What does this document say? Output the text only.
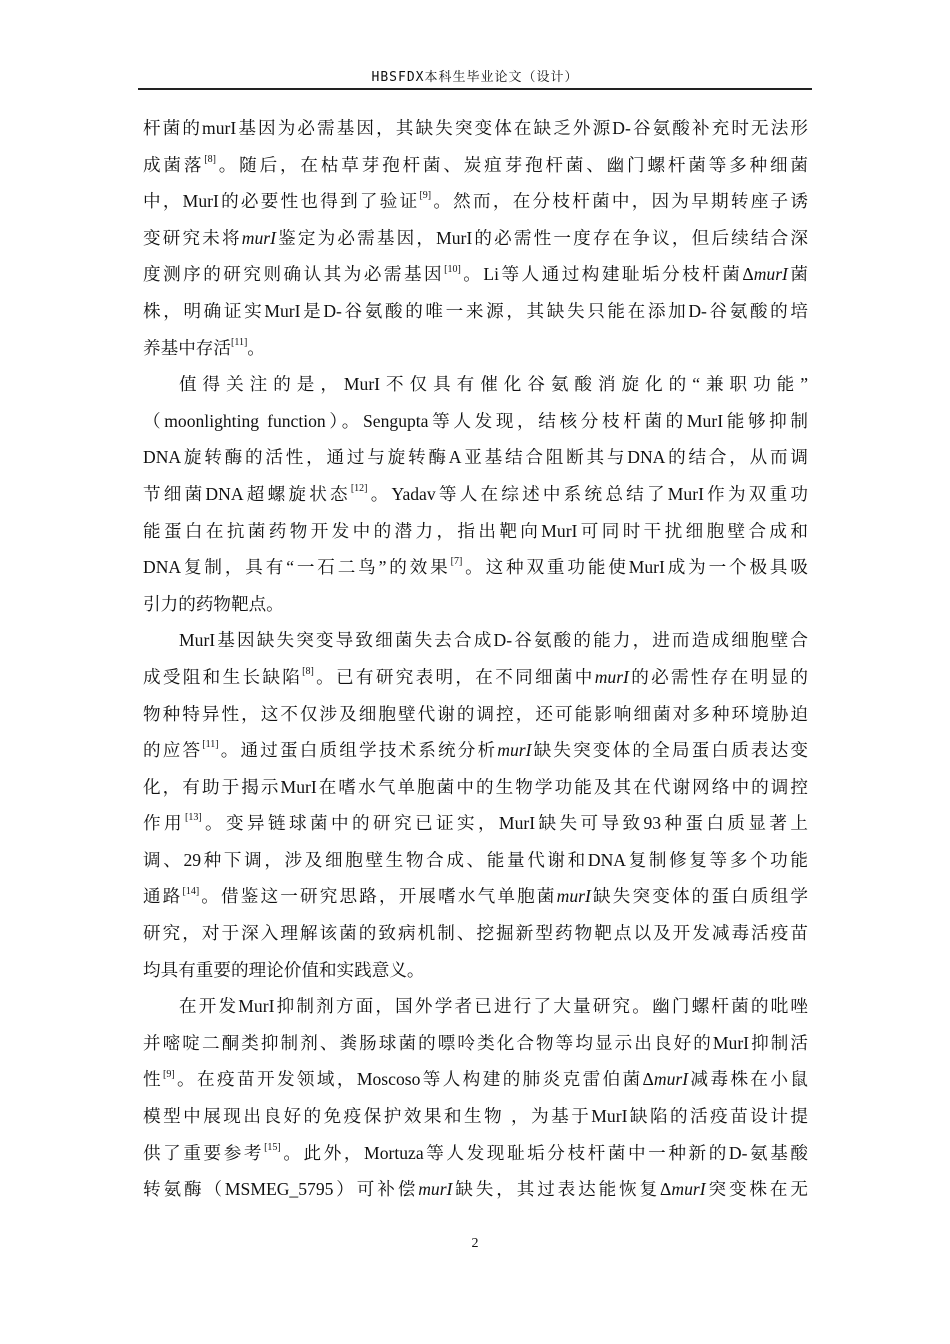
HBSFDX本科生毕业论文（设计）
杆菌的murI基因为必需基因，其缺失突变体在缺乏外源D-谷氨酸补充时无法形
成菌落[8]。随后，在枯草芽孢杆菌、炭疽芽孢杆菌、幽门螺杆菌等多种细菌
中，MurI的必要性也得到了验证[9]。然而，在分枝杆菌中，因为早期转座子诱
变研究未将murI鉴定为必需基因，MurI的必需性一度存在争议，但后续结合深
度测序的研究则确认其为必需基因[10]。Li等人通过构建耻垢分枝杆菌ΔmurI菌
株，明确证实MurI是D-谷氨酸的唯一来源，其缺失只能在添加D-谷氨酸的培
养基中存活[11]。
值得关注的是，MurI不仅具有催化谷氨酸消旋化的“兼职功能”
（moonlighting function）。Sengupta等人发现，结核分枝杆菌的MurI能够抑制
DNA旋转酶的活性，通过与旋转酶A亚基结合阻断其与DNA的结合，从而调
节细菌DNA超螺旋状态[12]。Yadav等人在综述中系统总结了MurI作为双重功
能蛋白在抗菌药物开发中的潜力，指出靶向MurI可同时干扰细胞壁合成和
DNA复制，具有“一石二鸟”的效果[7]。这种双重功能使MurI成为一个极具吸
引力的药物靶点。
MurI基因缺失突变导致细菌失去合成D-谷氨酸的能力，进而造成细胞壁合
成受阻和生长缺陷[8]。已有研究表明，在不同细菌中murI的必需性存在明显的
物种特异性，这不仅涉及细胞壁代谢的调控，还可能影响细菌对多种环境胁迫
的应答[11]。通过蛋白质组学技术系统分析murI缺失突变体的全局蛋白质表达变
化，有助于揭示MurI在嗜水气单胞菌中的生物学功能及其在代谢网络中的调控
作用[13]。变异链球菌中的研究已证实，MurI缺失可导致93种蛋白质显著上
调、29种下调，涉及细胞壁生物合成、能量代谢和DNA复制修复等多个功能
通路[14]。借鉴这一研究思路，开展嗜水气单胞菌murI缺失突变体的蛋白质组学
研究，对于深入理解该菌的致病机制、挖掘新型药物靶点以及开发减毒活疫苗
均具有重要的理论价值和实践意义。
在开发MurI抑制剂方面，国外学者已进行了大量研究。幽门螺杆菌的吡唑
并嘧啶二酮类抑制剂、粪肠球菌的嘌呤类化合物等均显示出良好的MurI抑制活
性[9]。在疫苗开发领域，Moscoso等人构建的肺炎克雷伯菌ΔmurI减毒株在小鼠
模型中展现出良好的免疫保护效果和生物 ，为基于MurI缺陷的活疫苗设计提
供了重要参考[15]。此外，Mortuza等人发现耻垢分枝杆菌中一种新的D-氨基酸
转氨酶（MSMEG_5795）可补偿murI缺失，其过表达能恢复ΔmurI突变株在无
2
